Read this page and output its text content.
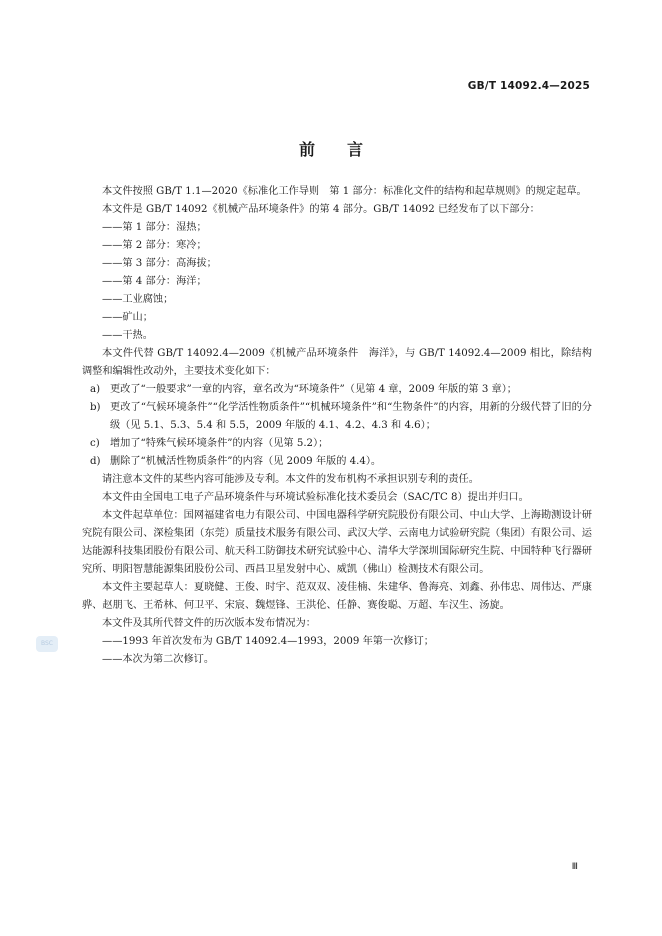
GB/T 14092.4—2025
前　　言

本文件按照 GB/T 1.1—2020《标准化工作导则　第 1 部分：标准化文件的结构和起草规则》的规定起草。

本文件是 GB/T 14092《机械产品环境条件》的第 4 部分。GB/T 14092 已经发布了以下部分：

——第 1 部分：湿热；

——第 2 部分：寒冷；

——第 3 部分：高海拔；

——第 4 部分：海洋；

——工业腐蚀；

——矿山；

——干热。

本文件代替 GB/T 14092.4—2009《机械产品环境条件　海洋》，与 GB/T 14092.4—2009 相比，除结构调整和编辑性改动外，主要技术变化如下：

a) 更改了“一般要求”一章的内容，章名改为“环境条件”（见第 4 章，2009 年版的第 3 章）；
b) 更改了“气候环境条件”“化学活性物质条件”“机械环境条件”和“生物条件”的内容，用新的分级代替了旧的分级（见 5.1、5.3、5.4 和 5.5，2009 年版的 4.1、4.2、4.3 和 4.6）；
c)	增加了“特殊气候环境条件”的内容（见第 5.2）；
d) 删除了“机械活性物质条件”的内容（见 2009 年版的 4.4）。

请注意本文件的某些内容可能涉及专利。本文件的发布机构不承担识别专利的责任。

本文件由全国电工电子产品环境条件与环境试验标准化技术委员会（SAC/TC 8）提出并归口。

本文件起草单位：国网福建省电力有限公司、中国电器科学研究院股份有限公司、中山大学、上海勘测设计研究院有限公司、深检集团（东莞）质量技术服务有限公司、武汉大学、云南电力试验研究院（集团）有限公司、运达能源科技集团股份有限公司、航天科工防御技术研究试验中心、清华大学深圳国际研究生院、中国特种飞行器研究所、明阳智慧能源集团股份公司、西昌卫星发射中心、威凯（佛山）检测技术有限公司。

本文件主要起草人：夏晓健、王俊、时宇、范双双、凌佳楠、朱建华、鲁海亮、刘鑫、孙伟忠、周伟达、严康骅、赵朋飞、王希林、何卫平、宋宸、魏煜锋、王洪伦、任静、赛俊聪、万超、车汉生、汤旋。

本文件及其所代替文件的历次版本发布情况为：

——1993 年首次发布为 GB/T 14092.4—1993，2009 年第一次修订；

——本次为第二次修订。

BSC
Ⅲ
